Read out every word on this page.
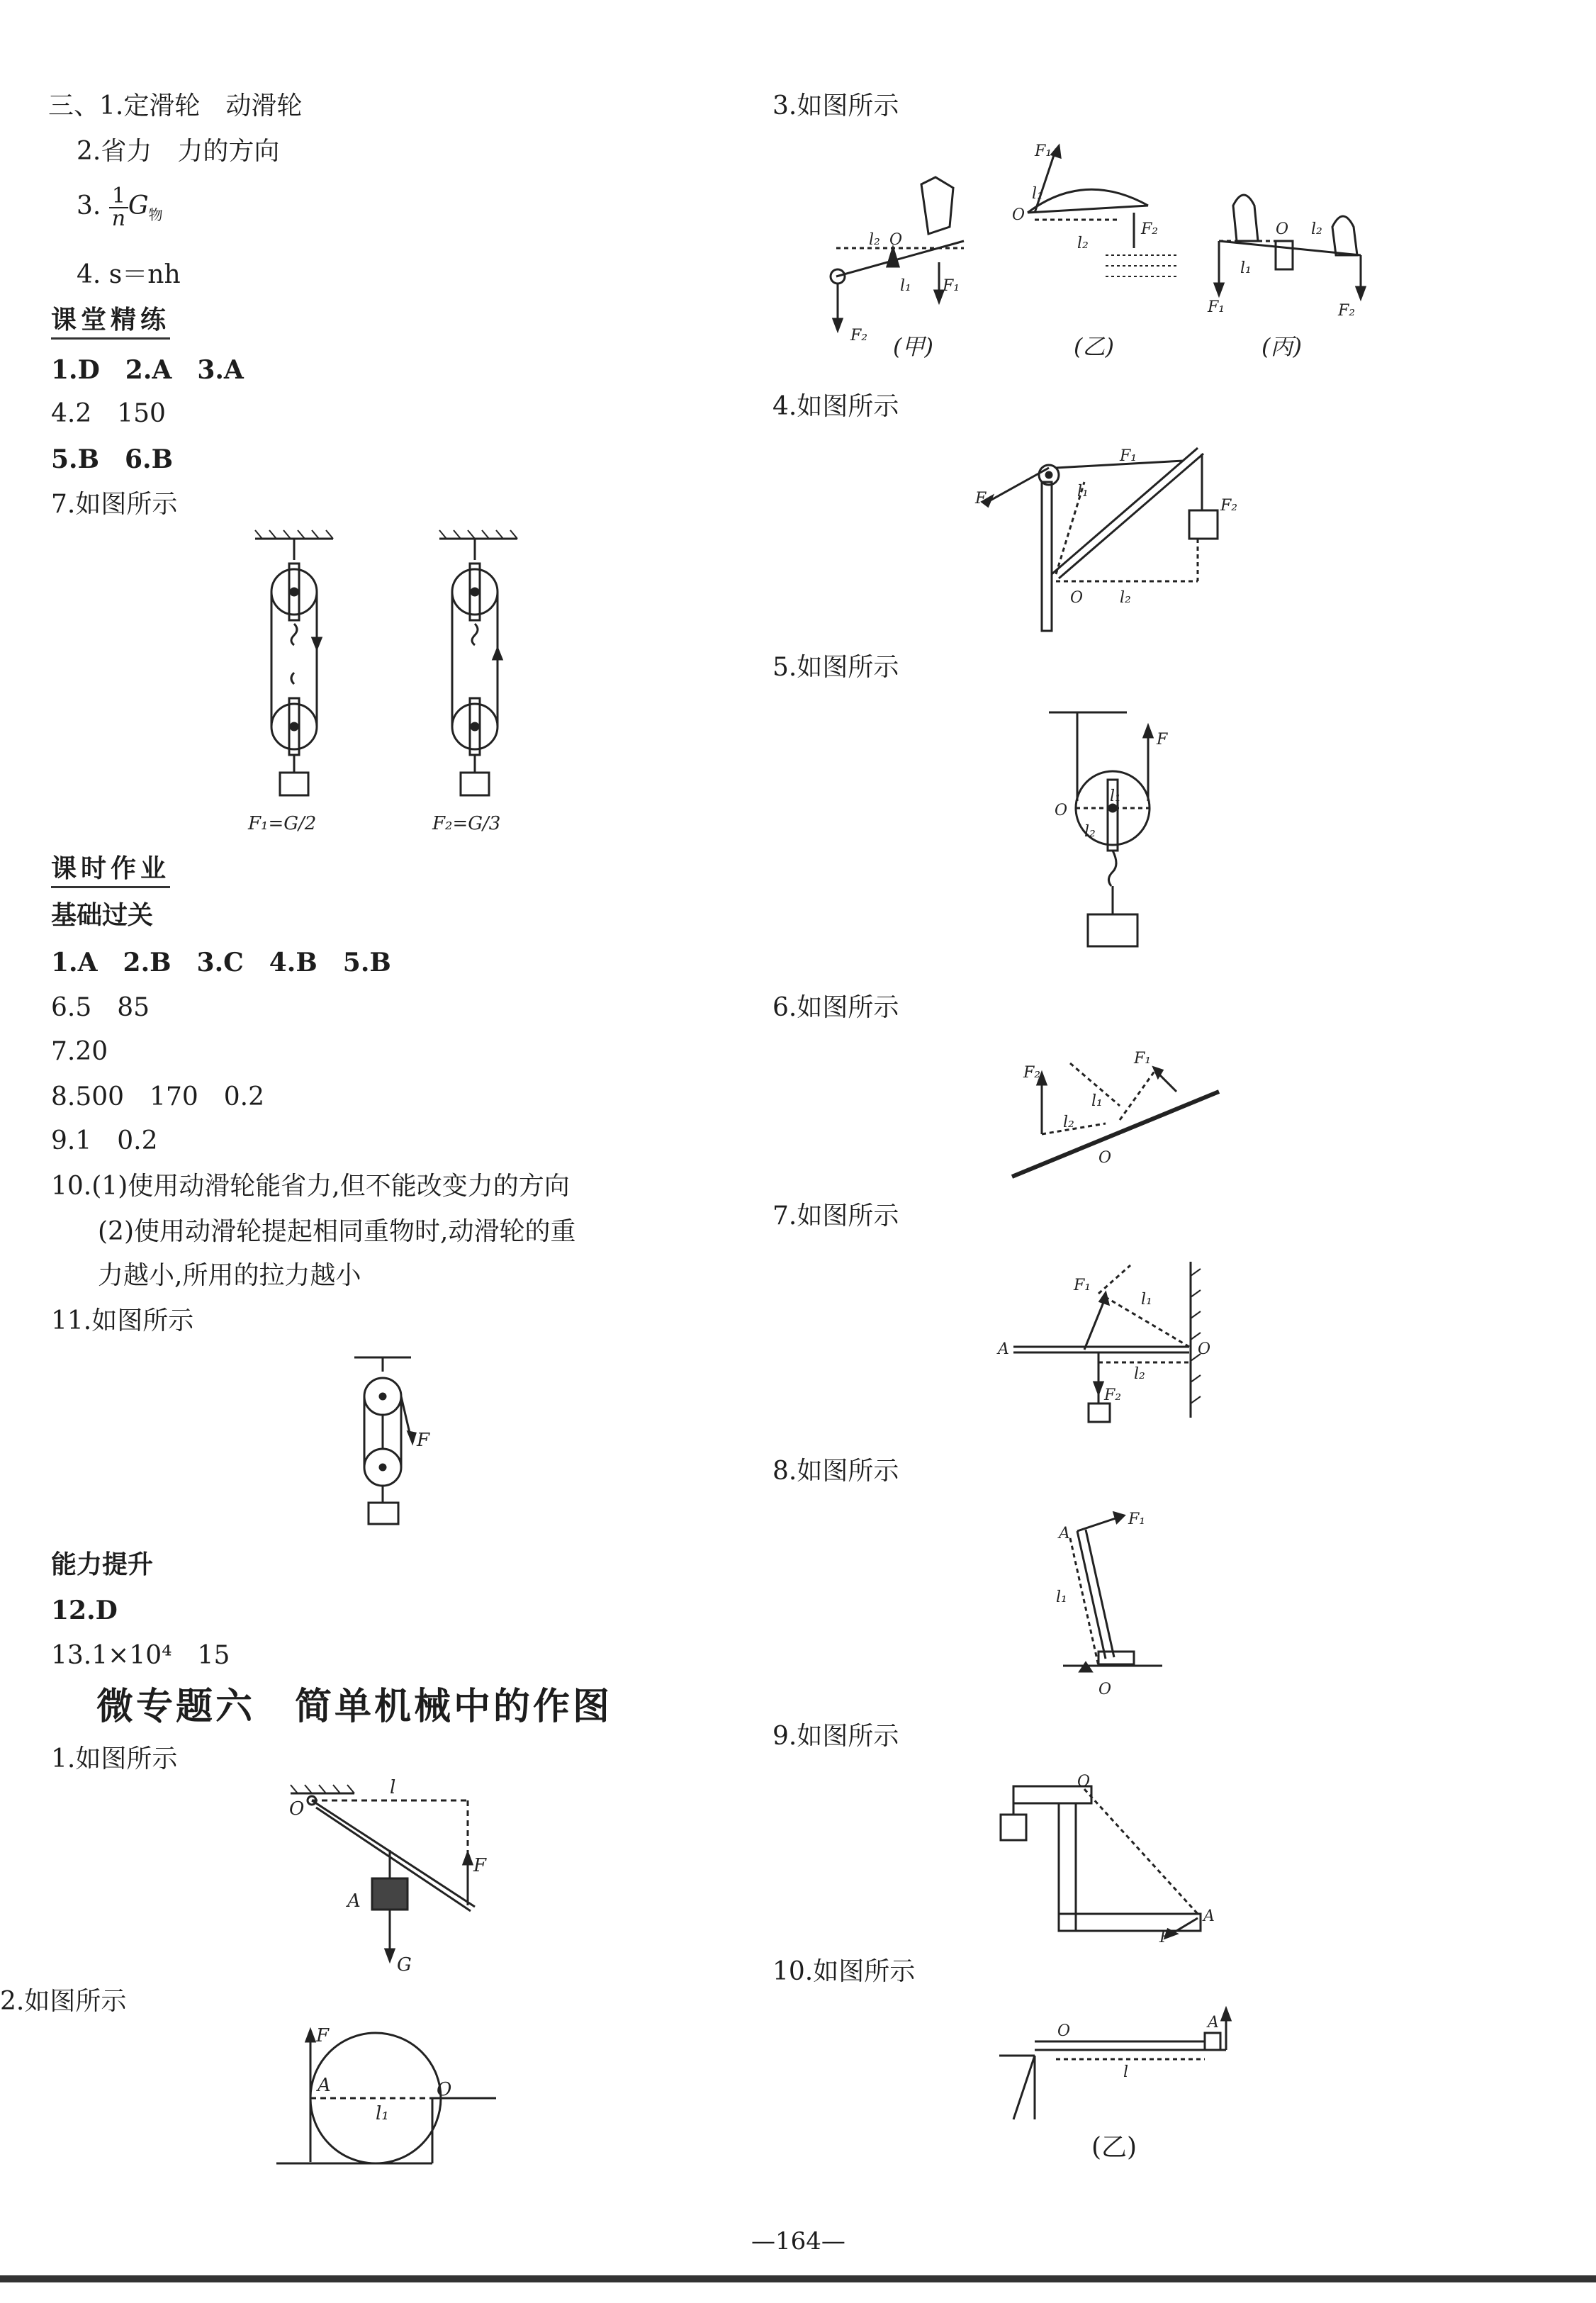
三、1.定滑轮　动滑轮
2.省力　力的方向
3. $\frac{1}{n} G_物$
4. s＝nh
课堂精练
1.D　2.A　3.A
4.2　150
5.B　6.B
7.如图所示
F₁=G/2	F₂=G/3
课时作业
基础过关
1.A　2.B　3.C　4.B　5.B
6.5　85
7.20
8.500　170　0.2
9.1　0.2
10.(1)使用动滑轮能省力,但不能改变力的方向
(2)使用动滑轮提起相同重物时,动滑轮的重
力越小,所用的拉力越小
11.如图所示
F
能力提升
12.D
13.1×10⁴　15
微专题六　简单机械中的作图
1.如图所示
O
l
F
A
G
2.如图所示
F
A
l₁
O
3.如图所示
F₂
O
l₂
l₁ F₁
F₁
O
l₁
l₂
F₂	O l₂
l₁
F₁	F₂
(甲)	(乙)	(丙)
4.如图所示
F
F₁
F₂
l₁
O l₂
5.如图所示
F
O
l₁
l₂
6.如图所示
F₂
F₁
l₁
l₂
O
7.如图所示
A
F₁
l₁
O
l₂
F₂
8.如图所示
A
F₁
l₁
O
9.如图所示
O
A
F
10.如图所示
O	A
l
(乙)
—164—
